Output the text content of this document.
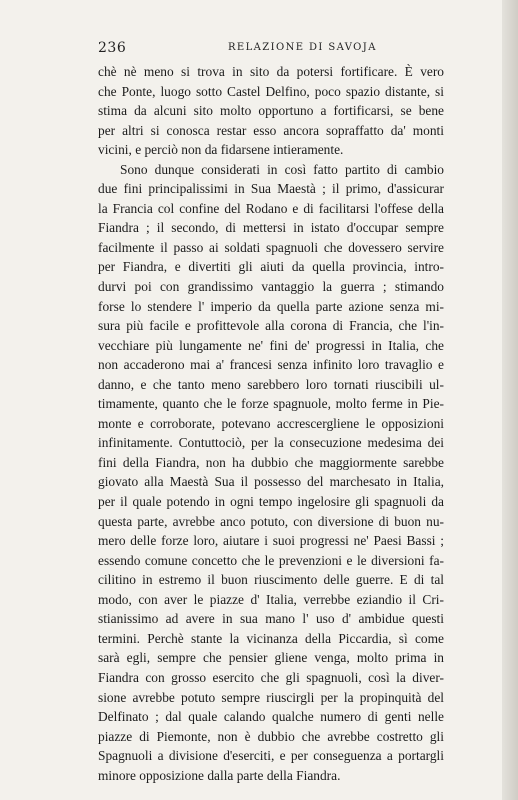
236	RELAZIONE DI SAVOJA
chè nè meno si trova in sito da potersi fortificare. È vero
che Ponte, luogo sotto Castel Delfino, poco spazio distante, si
stima da alcuni sito molto opportuno a fortificarsi, se bene
per altri si conosca restar esso ancora sopraffatto da' monti
vicini, e perciò non da fidarsene intieramente.
Sono dunque considerati in così fatto partito di cambio
due fini principalissimi in Sua Maestà ; il primo, d'assicurar
la Francia col confine del Rodano e di facilitarsi l'offese della
Fiandra ; il secondo, di mettersi in istato d'occupar sempre
facilmente il passo ai soldati spagnuoli che dovessero servire
per Fiandra, e divertiti gli aiuti da quella provincia, intro-
durvi poi con grandissimo vantaggio la guerra ; stimando
forse lo stendere l' imperio da quella parte azione senza mi-
sura più facile e profittevole alla corona di Francia, che l'in-
vecchiare più lungamente ne' fini de' progressi in Italia, che
non accaderono mai a' francesi senza infinito loro travaglio e
danno, e che tanto meno sarebbero loro tornati riuscibili ul-
timamente, quanto che le forze spagnuole, molto ferme in Pie-
monte e corroborate, potevano accrescergliene le opposizioni
infinitamente. Contuttociò, per la consecuzione medesima dei
fini della Fiandra, non ha dubbio che maggiormente sarebbe
giovato alla Maestà Sua il possesso del marchesato in Italia,
per il quale potendo in ogni tempo ingelosire gli spagnuoli da
questa parte, avrebbe anco potuto, con diversione di buon nu-
mero delle forze loro, aiutare i suoi progressi ne' Paesi Bassi ;
essendo comune concetto che le prevenzioni e le diversioni fa-
cilitino in estremo il buon riuscimento delle guerre. E di tal
modo, con aver le piazze d' Italia, verrebbe eziandio il Cri-
stianissimo ad avere in sua mano l' uso d' ambidue questi
termini. Perchè stante la vicinanza della Piccardia, sì come
sarà egli, sempre che pensier gliene venga, molto prima in
Fiandra con grosso esercito che gli spagnuoli, così la diver-
sione avrebbe potuto sempre riuscirgli per la propinquità del
Delfinato ; dal quale calando qualche numero di genti nelle
piazze di Piemonte, non è dubbio che avrebbe costretto gli
Spagnuoli a divisione d'eserciti, e per conseguenza a portargli
minore opposizione dalla parte della Fiandra.
